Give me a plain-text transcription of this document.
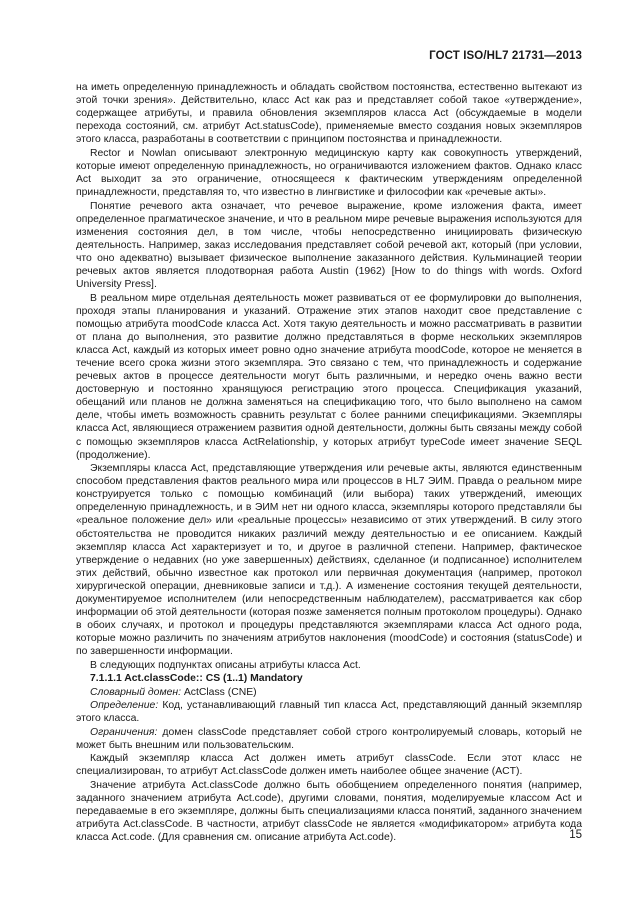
ГОСТ ISO/HL7 21731—2013

на иметь определенную принадлежность и обладать свойством постоянства, естественно вытекают из этой точки зрения». Действительно, класс Act как раз и представляет собой такое «утверждение», содержащее атрибуты, и правила обновления экземпляров класса Act (обсуждаемые в модели перехода состояний, см. атрибут Act.statusCode), применяемые вместо создания новых экземпляров этого класса, разработаны в соответствии с принципом постоянства и принадлежности.

Rector и Nowlan описывают электронную медицинскую карту как совокупность утверждений, которые имеют определенную принадлежность, но ограничиваются изложением фактов. Однако класс Act выходит за это ограничение, относящееся к фактическим утверждениям определенной принадлежности, представляя то, что известно в лингвистике и философии как «речевые акты».

Понятие речевого акта означает, что речевое выражение, кроме изложения факта, имеет определенное прагматическое значение, и что в реальном мире речевые выражения используются для изменения состояния дел, в том числе, чтобы непосредственно инициировать физическую деятельность. Например, заказ исследования представляет собой речевой акт, который (при условии, что оно адекватно) вызывает физическое выполнение заказанного действия. Кульминацией теории речевых актов является плодотворная работа Austin (1962) [How to do things with words. Oxford University Press].

В реальном мире отдельная деятельность может развиваться от ее формулировки до выполнения, проходя этапы планирования и указаний. Отражение этих этапов находит свое представление с помощью атрибута moodCode класса Act. Хотя такую деятельность и можно рассматривать в развитии от плана до выполнения, это развитие должно представляться в форме нескольких экземпляров класса Act, каждый из которых имеет ровно одно значение атрибута moodCode, которое не меняется в течение всего срока жизни этого экземпляра. Это связано с тем, что принадлежность и содержание речевых актов в процессе деятельности могут быть различными, и нередко очень важно вести достоверную и постоянно хранящуюся регистрацию этого процесса. Спецификация указаний, обещаний или планов не должна заменяться на спецификацию того, что было выполнено на самом деле, чтобы иметь возможность сравнить результат с более ранними спецификациями. Экземпляры класса Act, являющиеся отражением развития одной деятельности, должны быть связаны между собой с помощью экземпляров класса ActRelationship, у которых атрибут typeCode имеет значение SEQL (продолжение).

Экземпляры класса Act, представляющие утверждения или речевые акты, являются единственным способом представления фактов реального мира или процессов в HL7 ЭИМ. Правда о реальном мире конструируется только с помощью комбинаций (или выбора) таких утверждений, имеющих определенную принадлежность, и в ЭИМ нет ни одного класса, экземпляры которого представляли бы «реальное положение дел» или «реальные процессы» независимо от этих утверждений. В силу этого обстоятельства не проводится никаких различий между деятельностью и ее описанием. Каждый экземпляр класса Act характеризует и то, и другое в различной степени. Например, фактическое утверждение о недавних (но уже завершенных) действиях, сделанное (и подписанное) исполнителем этих действий, обычно известное как протокол или первичная документация (например, протокол хирургической операции, дневниковые записи и т.д.). А изменение состояния текущей деятельности, документируемое исполнителем (или непосредственным наблюдателем), рассматривается как сбор информации об этой деятельности (которая позже заменяется полным протоколом процедуры). Однако в обоих случаях, и протокол и процедуры представляются экземплярами класса Act одного рода, которые можно различить по значениям атрибутов наклонения (moodCode) и состояния (statusCode) и по завершенности информации.

В следующих подпунктах описаны атрибуты класса Act.

7.1.1.1 Act.classCode:: CS (1..1) Mandatory

Словарный домен: ActClass (CNE)

Определение: Код, устанавливающий главный тип класса Act, представляющий данный экземпляр этого класса.

Ограничения: домен classCode представляет собой строго контролируемый словарь, который не может быть внешним или пользовательским.

Каждый экземпляр класса Act должен иметь атрибут classCode. Если этот класс не специализирован, то атрибут Act.classCode должен иметь наиболее общее значение (ACT).

Значение атрибута Act.classCode должно быть обобщением определенного понятия (например, заданного значением атрибута Act.code), другими словами, понятия, моделируемые классом Act и передаваемые в его экземпляре, должны быть специализациями класса понятий, заданного значением атрибута Act.classCode. В частности, атрибут classCode не является «модификатором» атрибута кода класса Act.code. (Для сравнения см. описание атрибута Act.code).	15
